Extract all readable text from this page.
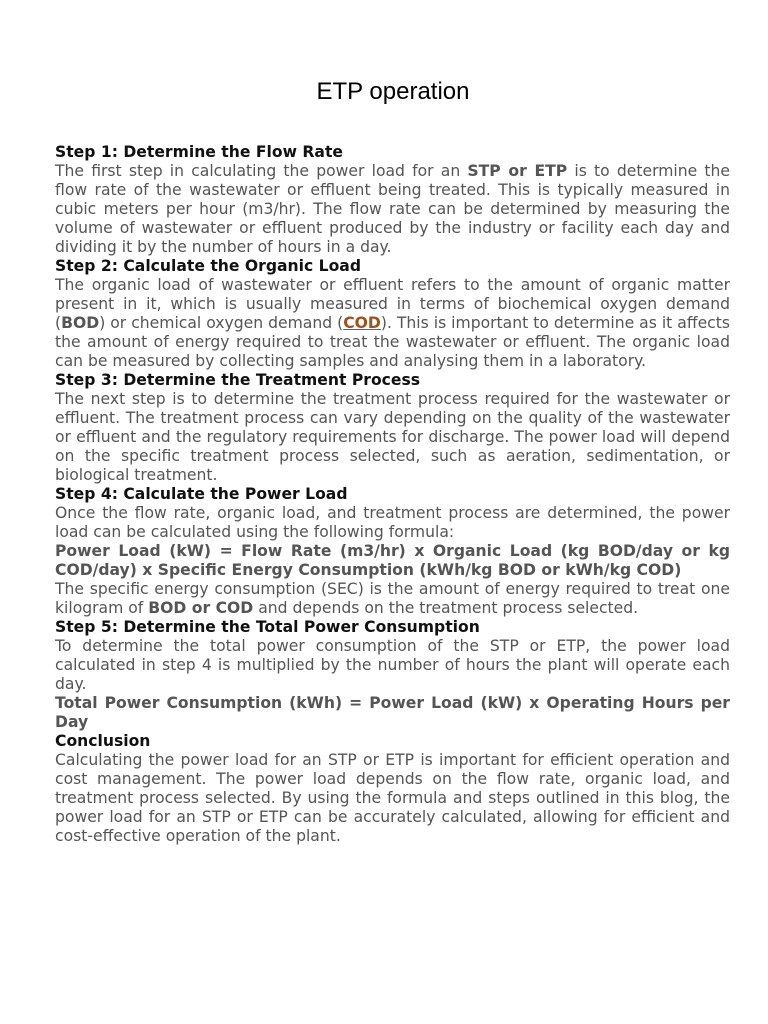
ETP operation
Step 1: Determine the Flow Rate

The first step in calculating the power load for an STP or ETP is to determine the flow rate of the wastewater or effluent being treated. This is typically measured in cubic meters per hour (m3/hr). The flow rate can be determined by measuring the volume of wastewater or effluent produced by the industry or facility each day and dividing it by the number of hours in a day.

Step 2: Calculate the Organic Load

The organic load of wastewater or effluent refers to the amount of organic matter present in it, which is usually measured in terms of biochemical oxygen demand (BOD) or chemical oxygen demand (COD). This is important to determine as it affects the amount of energy required to treat the wastewater or effluent. The organic load can be measured by collecting samples and analysing them in a laboratory.

Step 3: Determine the Treatment Process

The next step is to determine the treatment process required for the wastewater or effluent. The treatment process can vary depending on the quality of the wastewater or effluent and the regulatory requirements for discharge. The power load will depend on the specific treatment process selected, such as aeration, sedimentation, or biological treatment.

Step 4: Calculate the Power Load

Once the flow rate, organic load, and treatment process are determined, the power load can be calculated using the following formula:

Power Load (kW) = Flow Rate (m3/hr) x Organic Load (kg BOD/day or kg COD/day) x Specific Energy Consumption (kWh/kg BOD or kWh/kg COD)

The specific energy consumption (SEC) is the amount of energy required to treat one kilogram of BOD or COD and depends on the treatment process selected.

Step 5: Determine the Total Power Consumption

To determine the total power consumption of the STP or ETP, the power load calculated in step 4 is multiplied by the number of hours the plant will operate each day.

Total Power Consumption (kWh) = Power Load (kW) x Operating Hours per Day

Conclusion

Calculating the power load for an STP or ETP is important for efficient operation and cost management. The power load depends on the flow rate, organic load, and treatment process selected. By using the formula and steps outlined in this blog, the power load for an STP or ETP can be accurately calculated, allowing for efficient and cost-effective operation of the plant.
